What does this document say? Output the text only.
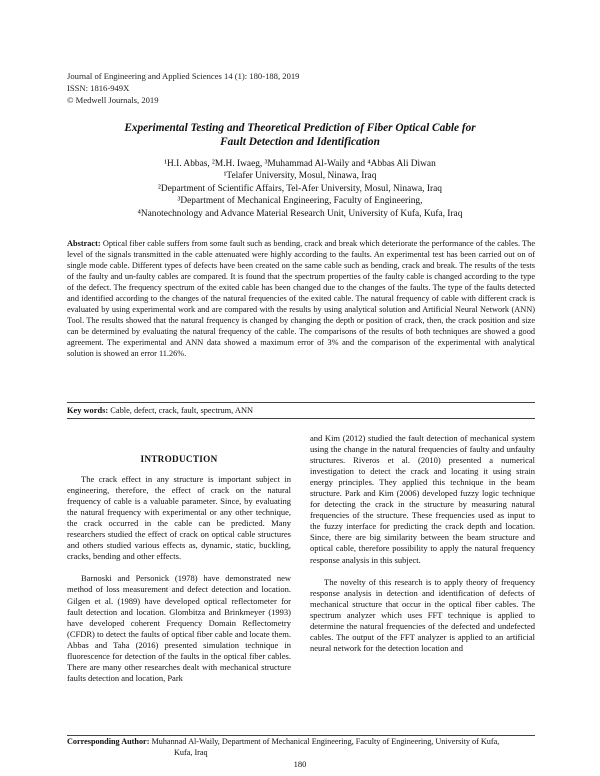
Journal of Engineering and Applied Sciences 14 (1): 180-188, 2019
ISSN: 1816-949X
© Medwell Journals, 2019
Experimental Testing and Theoretical Prediction of Fiber Optical Cable for
Fault Detection and Identification
¹H.I. Abbas, ²M.H. Iwaeg, ³Muhammad Al-Waily and ⁴Abbas Ali Diwan
¹Telafer University, Mosul, Ninawa, Iraq
²Department of Scientific Affairs, Tel-Afer University, Mosul, Ninawa, Iraq
³Department of Mechanical Engineering, Faculty of Engineering,
⁴Nanotechnology and Advance Material Research Unit, University of Kufa, Kufa, Iraq
Abstract: Optical fiber cable suffers from some fault such as bending, crack and break which deteriorate the performance of the cables. The level of the signals transmitted in the cable attenuated were highly according to the faults. An experimental test has been carried out on of single mode cable. Different types of defects have been created on the same cable such as bending, crack and break. The results of the tests of the faulty and un-faulty cables are compared. It is found that the spectrum properties of the faulty cable is changed according to the type of the defect. The frequency spectrum of the exited cable has been changed due to the changes of the faults. The type of the faults detected and identified according to the changes of the natural frequencies of the exited cable. The natural frequency of cable with different crack is evaluated by using experimental work and are compared with the results by using analytical solution and Artificial Neural Network (ANN) Tool. The results showed that the natural frequency is changed by changing the depth or position of crack, then, the crack position and size can be determined by evaluating the natural frequency of the cable. The comparisons of the results of both techniques are showed a good agreement. The experimental and ANN data showed a maximum error of 3% and the comparison of the experimental with analytical solution is showed an error 11.26%.
Key words: Cable, defect, crack, fault, spectrum, ANN

INTRODUCTION

The crack effect in any structure is important subject in engineering, therefore, the effect of crack on the natural frequency of cable is a valuable parameter. Since, by evaluating the natural frequency with experimental or any other technique, the crack occurred in the cable can be predicted. Many researchers studied the effect of crack on optical cable structures and others studied various effects as, dynamic, static, buckling, cracks, bending and other effects.

Barnoski and Personick (1978) have demonstrated new method of loss measurement and defect detection and location. Gilgen et al. (1989) have developed optical reflectometer for fault detection and location. Glombitza and Brinkmeyer (1993) have developed coherent Frequency Domain Reflectometry (CFDR) to detect the faults of optical fiber cable and locate them. Abbas and Taha (2016) presented simulation technique in fluorescence for detection of the faults in the optical fiber cables. There are many other researches dealt with mechanical structure faults detection and location, Park

and Kim (2012) studied the fault detection of mechanical system using the change in the natural frequencies of faulty and unfaulty structures. Riveros et al. (2010) presented a numerical investigation to detect the crack and locating it using strain energy principles. They applied this technique in the beam structure. Park and Kim (2006) developed fuzzy logic technique for detecting the crack in the structure by measuring natural frequencies of the structure. These frequencies used as input to the fuzzy interface for predicting the crack depth and location. Since, there are big similarity between the beam structure and optical cable, therefore possibility to apply the natural frequency response analysis in this subject.

The novelty of this research is to apply theory of frequency response analysis in detection and identification of defects of mechanical structure that occur in the optical fiber cables. The spectrum analyzer which uses FFT technique is applied to determine the natural frequencies of the defected and undefected cables. The output of the FFT analyzer is applied to an artificial neural network for the detection location and

Corresponding Author: Muhannad Al-Waily, Department of Mechanical Engineering, Faculty of Engineering, University of Kufa,
Kufa, Iraq
180
